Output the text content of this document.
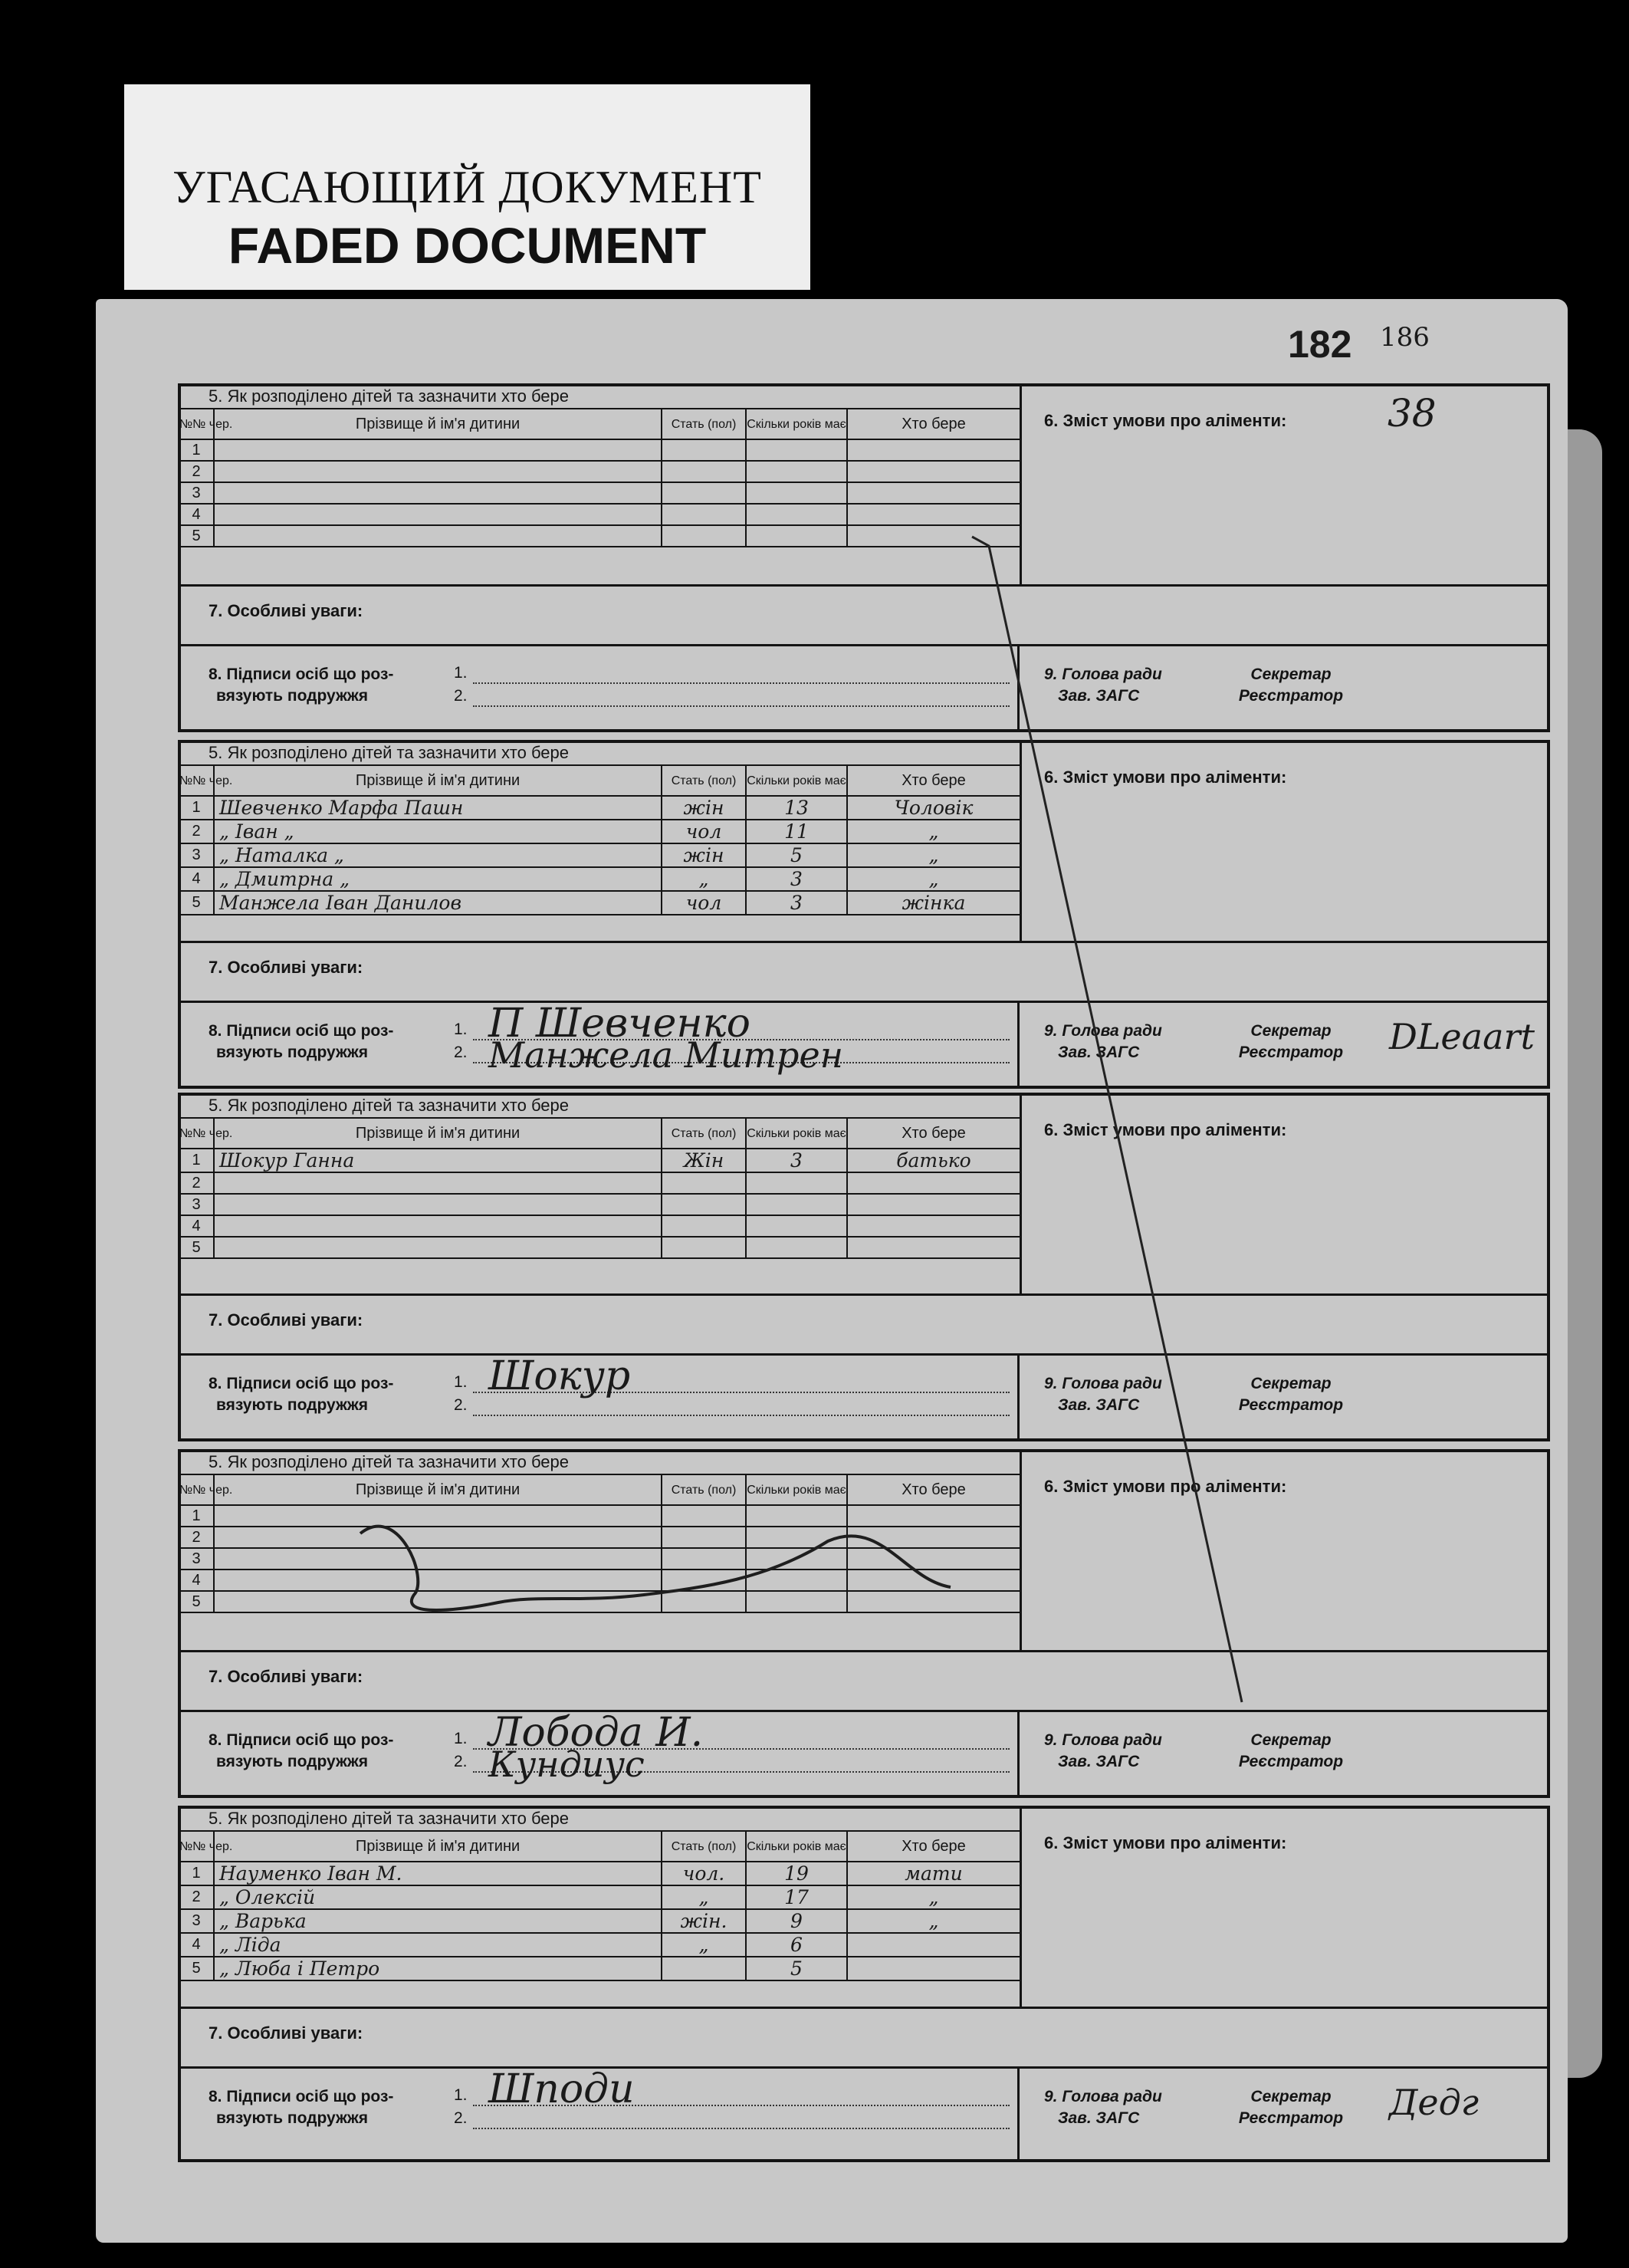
УГАСАЮЩИЙ ДОКУМЕНТ
FADED DOCUMENT
182 186
38
5. Як розподілено дітей та зазначити хто бере
№№ чер.	Прізвище й ім'я дитини	Стать (пол)	Скільки років має	Хто бере
1				
2				
3				
4				
5				
6. Зміст умови про аліменти:
7. Особливі уваги:
8. Підписи осіб що роз-
вязують подружжя
1.
2.
9. Голова ради
Зав. ЗАГС
Секретар
Реєстратор
5. Як розподілено дітей та зазначити хто бере
№№ чер.	Прізвище й ім'я дитини	Стать (пол)	Скільки років має	Хто бере
1	Шевченко Марфа Пашн	жін	13	Чоловік
2	„ Іван „	чол	11	„
3	„ Наталка „	жін	5	„
4	„ Дмитрна „	„	3	„
5	Манжела Іван Данилов	чол	3	жінка
6. Зміст умови про аліменти:
7. Особливі уваги:
8. Підписи осіб що роз-
вязують подружжя
1.
2.
П Шевченко
Манжела Митрен
9. Голова ради
Зав. ЗАГС
Секретар
Реєстратор	DLeaart
5. Як розподілено дітей та зазначити хто бере
№№ чер.	Прізвище й ім'я дитини	Стать (пол)	Скільки років має	Хто бере
1	Шокур Ганна	Жін	3	батько
2				
3				
4				
5				
6. Зміст умови про аліменти:
7. Особливі уваги:
8. Підписи осіб що роз-
вязують подружжя
1.
2.
Шокур	9. Голова ради
Зав. ЗАГС
Секретар
Реєстратор
5. Як розподілено дітей та зазначити хто бере
№№ чер.	Прізвище й ім'я дитини	Стать (пол)	Скільки років має	Хто бере
1				
2				
3				
4				
5				
6. Зміст умови про аліменти:
7. Особливі уваги:
8. Підписи осіб що роз-
вязують подружжя
1.
2.
Лобода И.
Кундиус
9. Голова ради
Зав. ЗАГС
Секретар
Реєстратор
5. Як розподілено дітей та зазначити хто бере
№№ чер.	Прізвище й ім'я дитини	Стать (пол)	Скільки років має	Хто бере
1	Науменко Іван М.	чол.	19	мати
2	„ Олексій	„	17	„
3	„ Варька	жін.	9	„
4	„ Ліда	„	6	
5	„ Люба і Петро		5	
6. Зміст умови про аліменти:
7. Особливі уваги:
8. Підписи осіб що роз-
вязують подружжя
1.
2.
Шподи	9. Голова ради
Зав. ЗАГС
Секретар
Реєстратор	Дедг
